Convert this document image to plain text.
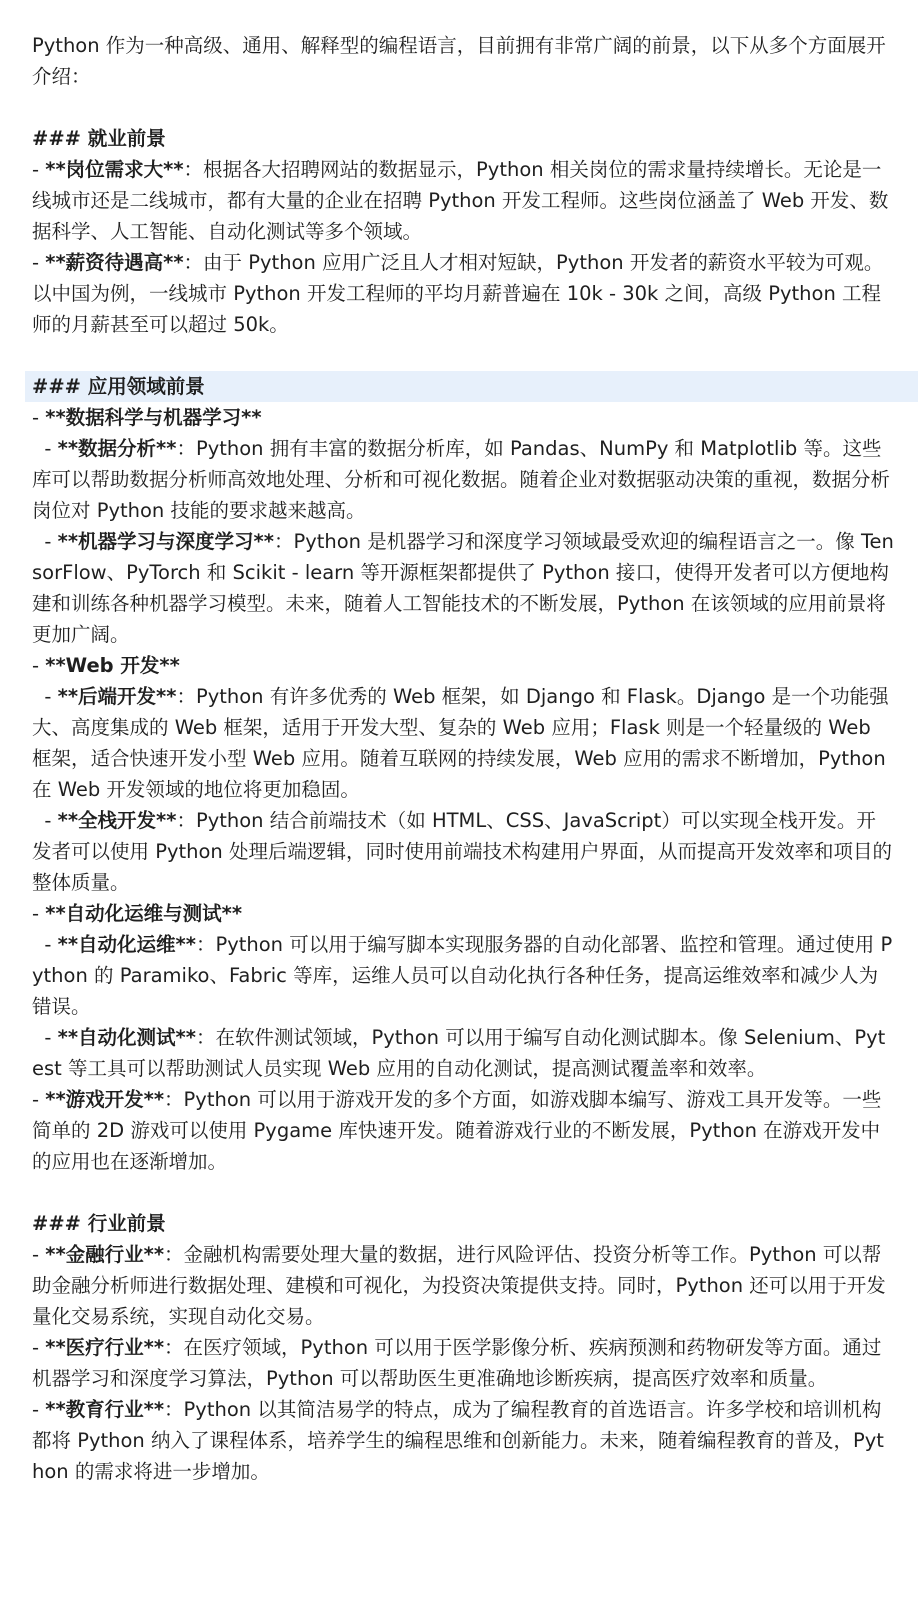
Python 作为一种高级、通用、解释型的编程语言，目前拥有非常广阔的前景，以下从多个方面展开介绍：
### 就业前景
- **岗位需求大**：根据各大招聘网站的数据显示，Python 相关岗位的需求量持续增长。无论是一线城市还是二线城市，都有大量的企业在招聘 Python 开发工程师。这些岗位涵盖了 Web 开发、数据科学、人工智能、自动化测试等多个领域。
- **薪资待遇高**：由于 Python 应用广泛且人才相对短缺，Python 开发者的薪资水平较为可观。以中国为例，一线城市 Python 开发工程师的平均月薪普遍在 10k - 30k 之间，高级 Python 工程师的月薪甚至可以超过 50k。
### 应用领域前景
- **数据科学与机器学习**
- **数据分析**：Python 拥有丰富的数据分析库，如 Pandas、NumPy 和 Matplotlib 等。这些库可以帮助数据分析师高效地处理、分析和可视化数据。随着企业对数据驱动决策的重视，数据分析岗位对 Python 技能的要求越来越高。
- **机器学习与深度学习**：Python 是机器学习和深度学习领域最受欢迎的编程语言之一。像 TensorFlow、PyTorch 和 Scikit - learn 等开源框架都提供了 Python 接口，使得开发者可以方便地构建和训练各种机器学习模型。未来，随着人工智能技术的不断发展，Python 在该领域的应用前景将更加广阔。
- **Web 开发**
- **后端开发**：Python 有许多优秀的 Web 框架，如 Django 和 Flask。Django 是一个功能强大、高度集成的 Web 框架，适用于开发大型、复杂的 Web 应用；Flask 则是一个轻量级的 Web 框架，适合快速开发小型 Web 应用。随着互联网的持续发展，Web 应用的需求不断增加，Python 在 Web 开发领域的地位将更加稳固。
- **全栈开发**：Python 结合前端技术（如 HTML、CSS、JavaScript）可以实现全栈开发。开发者可以使用 Python 处理后端逻辑，同时使用前端技术构建用户界面，从而提高开发效率和项目的整体质量。
- **自动化运维与测试**
- **自动化运维**：Python 可以用于编写脚本实现服务器的自动化部署、监控和管理。通过使用 Python 的 Paramiko、Fabric 等库，运维人员可以自动化执行各种任务，提高运维效率和减少人为错误。
- **自动化测试**：在软件测试领域，Python 可以用于编写自动化测试脚本。像 Selenium、Pytest 等工具可以帮助测试人员实现 Web 应用的自动化测试，提高测试覆盖率和效率。
- **游戏开发**：Python 可以用于游戏开发的多个方面，如游戏脚本编写、游戏工具开发等。一些简单的 2D 游戏可以使用 Pygame 库快速开发。随着游戏行业的不断发展，Python 在游戏开发中的应用也在逐渐增加。
### 行业前景
- **金融行业**：金融机构需要处理大量的数据，进行风险评估、投资分析等工作。Python 可以帮助金融分析师进行数据处理、建模和可视化，为投资决策提供支持。同时，Python 还可以用于开发量化交易系统，实现自动化交易。
- **医疗行业**：在医疗领域，Python 可以用于医学影像分析、疾病预测和药物研发等方面。通过机器学习和深度学习算法，Python 可以帮助医生更准确地诊断疾病，提高医疗效率和质量。
- **教育行业**：Python 以其简洁易学的特点，成为了编程教育的首选语言。许多学校和培训机构都将 Python 纳入了课程体系，培养学生的编程思维和创新能力。未来，随着编程教育的普及，Python 的需求将进一步增加。
